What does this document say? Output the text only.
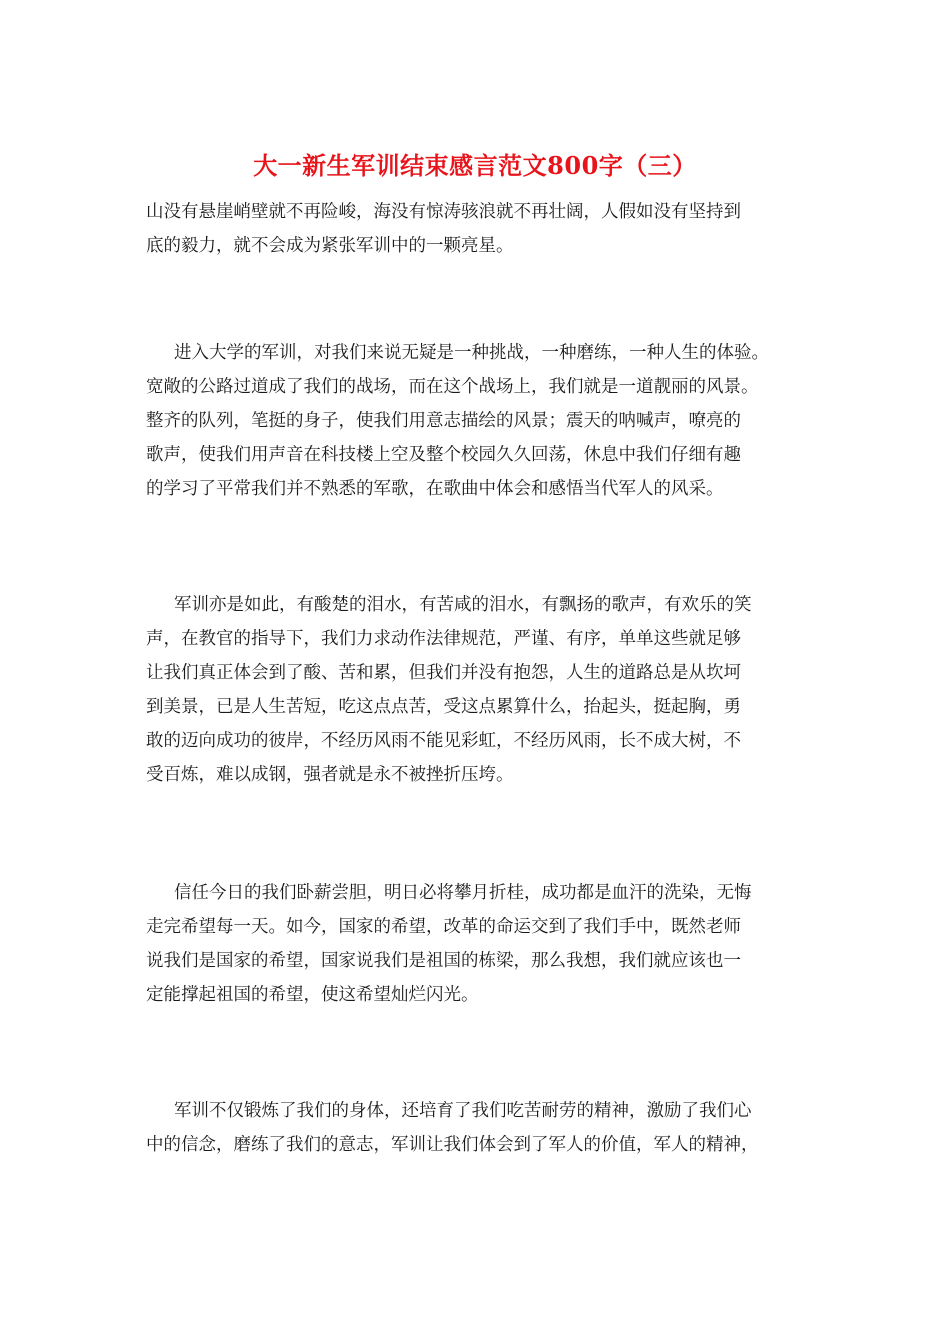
大一新生军训结束感言范文800字（三）
山没有悬崖峭壁就不再险峻，海没有惊涛骇浪就不再壮阔，人假如没有坚持到
底的毅力，就不会成为紧张军训中的一颗亮星。
进入大学的军训，对我们来说无疑是一种挑战，一种磨练，一种人生的体验。
宽敞的公路过道成了我们的战场，而在这个战场上，我们就是一道靓丽的风景。
整齐的队列，笔挺的身子，使我们用意志描绘的风景；震天的呐喊声，嘹亮的
歌声，使我们用声音在科技楼上空及整个校园久久回荡，休息中我们仔细有趣
的学习了平常我们并不熟悉的军歌，在歌曲中体会和感悟当代军人的风采。
军训亦是如此，有酸楚的泪水，有苦咸的泪水，有飘扬的歌声，有欢乐的笑
声，在教官的指导下，我们力求动作法律规范，严谨、有序，单单这些就足够
让我们真正体会到了酸、苦和累，但我们并没有抱怨，人生的道路总是从坎坷
到美景，已是人生苦短，吃这点点苦，受这点累算什么，抬起头，挺起胸，勇
敢的迈向成功的彼岸，不经历风雨不能见彩虹，不经历风雨，长不成大树，不
受百炼，难以成钢，强者就是永不被挫折压垮。
信任今日的我们卧薪尝胆，明日必将攀月折桂，成功都是血汗的洗染，无悔
走完希望每一天。如今，国家的希望，改革的命运交到了我们手中，既然老师
说我们是国家的希望，国家说我们是祖国的栋梁，那么我想，我们就应该也一
定能撑起祖国的希望，使这希望灿烂闪光。
军训不仅锻炼了我们的身体，还培育了我们吃苦耐劳的精神，激励了我们心
中的信念，磨练了我们的意志，军训让我们体会到了军人的价值，军人的精神，
